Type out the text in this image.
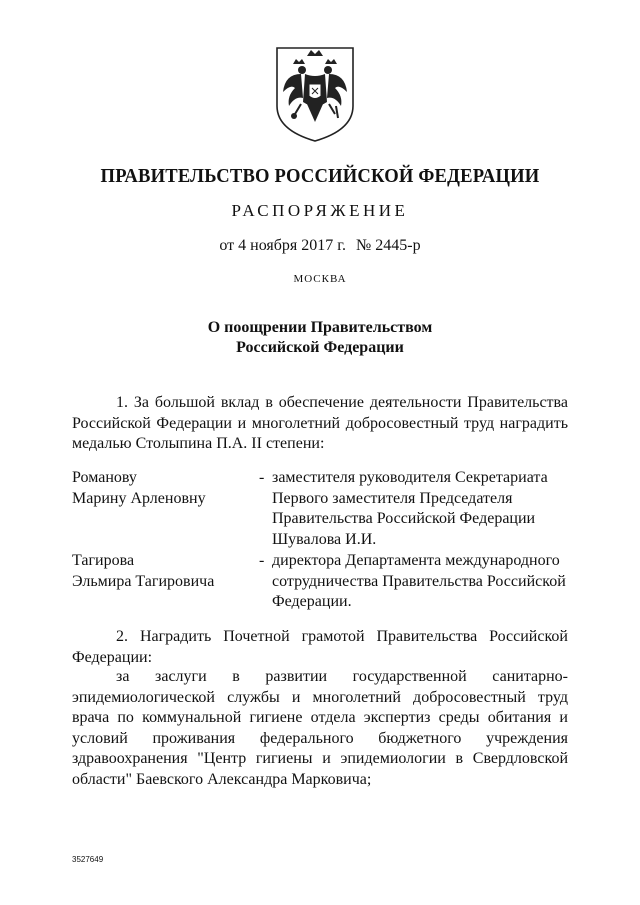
ПРАВИТЕЛЬСТВО РОССИЙСКОЙ ФЕДЕРАЦИИ
РАСПОРЯЖЕНИЕ
от 4 ноября 2017 г. № 2445-р
МОСКВА
О поощрении Правительством
Российской Федерации
1. За большой вклад в обеспечение деятельности Правительства Российской Федерации и многолетний добросовестный труд наградить медалью Столыпина П.А. II степени:
Романову
Марину Арленовну
- заместителя руководителя Секретариата Первого заместителя Председателя Правительства Российской Федерации Шувалова И.И.
Тагирова
Эльмира Тагировича
- директора Департамента международного сотрудничества Правительства Российской Федерации.
2. Наградить Почетной грамотой Правительства Российской Федерации:
за заслуги в развитии государственной санитарно-эпидемиологической службы и многолетний добросовестный труд врача по коммунальной гигиене отдела экспертиз среды обитания и условий проживания федерального бюджетного учреждения здравоохранения "Центр гигиены и эпидемиологии в Свердловской области" Баевского Александра Марковича;
3527649
